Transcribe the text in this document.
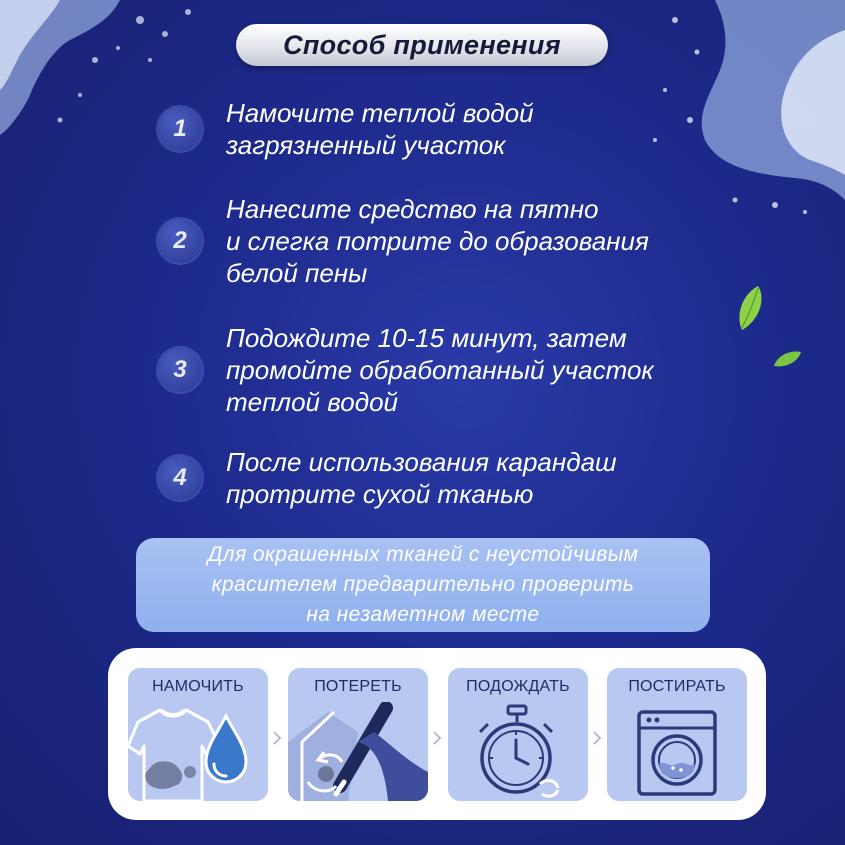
Способ применения
1
Намочите теплой водой
загрязненный участок
2
Нанесите средство на пятно
и слегка потрите до образования
белой пены
3
Подождите 10-15 минут, затем
промойте обработанный участок
теплой водой
4
После использования карандаш
протрите сухой тканью
Для окрашенных тканей с неустойчивым
красителем предварительно проверить
на незаметном месте
НАМОЧИТЬ	ПОТЕРЕТЬ	ПОДОЖДАТЬ	ПОСТИРАТЬ
